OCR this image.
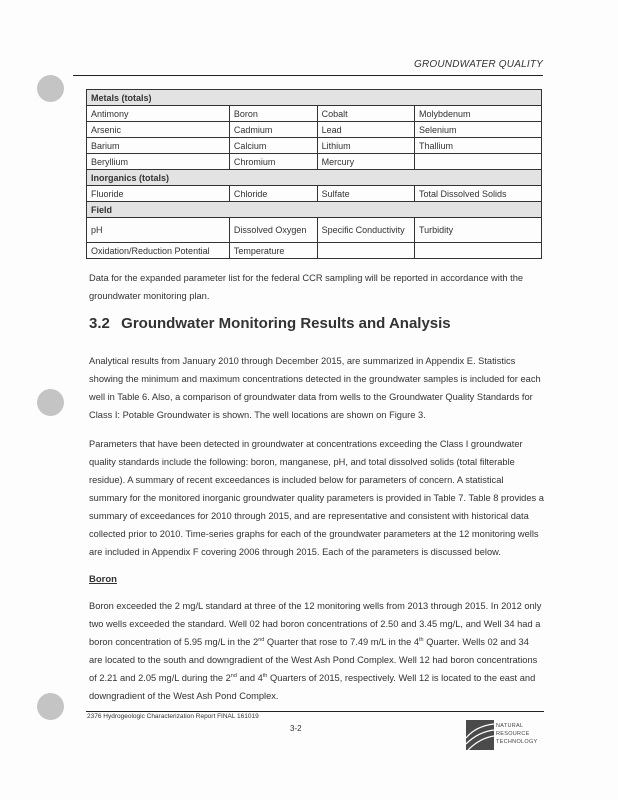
GROUNDWATER QUALITY
Metals (totals)			
Antimony	Boron	Cobalt	Molybdenum
Arsenic	Cadmium	Lead	Selenium
Barium	Calcium	Lithium	Thallium
Beryllium	Chromium	Mercury	
Inorganics (totals)			
Fluoride	Chloride	Sulfate	Total Dissolved Solids
Field			
pH	Dissolved Oxygen	Specific Conductivity	Turbidity
Oxidation/Reduction Potential	Temperature		
Data for the expanded parameter list for the federal CCR sampling will be reported in accordance with the groundwater monitoring plan.
3.2 Groundwater Monitoring Results and Analysis
Analytical results from January 2010 through December 2015, are summarized in Appendix E. Statistics showing the minimum and maximum concentrations detected in the groundwater samples is included for each well in Table 6. Also, a comparison of groundwater data from wells to the Groundwater Quality Standards for Class I: Potable Groundwater is shown. The well locations are shown on Figure 3.
Parameters that have been detected in groundwater at concentrations exceeding the Class I groundwater quality standards include the following: boron, manganese, pH, and total dissolved solids (total filterable residue). A summary of recent exceedances is included below for parameters of concern. A statistical summary for the monitored inorganic groundwater quality parameters is provided in Table 7. Table 8 provides a summary of exceedances for 2010 through 2015, and are representative and consistent with historical data collected prior to 2010. Time-series graphs for each of the groundwater parameters at the 12 monitoring wells are included in Appendix F covering 2006 through 2015. Each of the parameters is discussed below.
Boron
Boron exceeded the 2 mg/L standard at three of the 12 monitoring wells from 2013 through 2015. In 2012 only two wells exceeded the standard. Well 02 had boron concentrations of 2.50 and 3.45 mg/L, and Well 34 had a boron concentration of 5.95 mg/L in the 2nd Quarter that rose to 7.49 m/L in the 4th Quarter. Wells 02 and 34 are located to the south and downgradient of the West Ash Pond Complex. Well 12 had boron concentrations of 2.21 and 2.05 mg/L during the 2nd and 4th Quarters of 2015, respectively. Well 12 is located to the east and downgradient of the West Ash Pond Complex.
2376 Hydrogeologic Characterization Report FINAL 161019
3-2	NATURAL
RESOURCE
TECHNOLOGY
